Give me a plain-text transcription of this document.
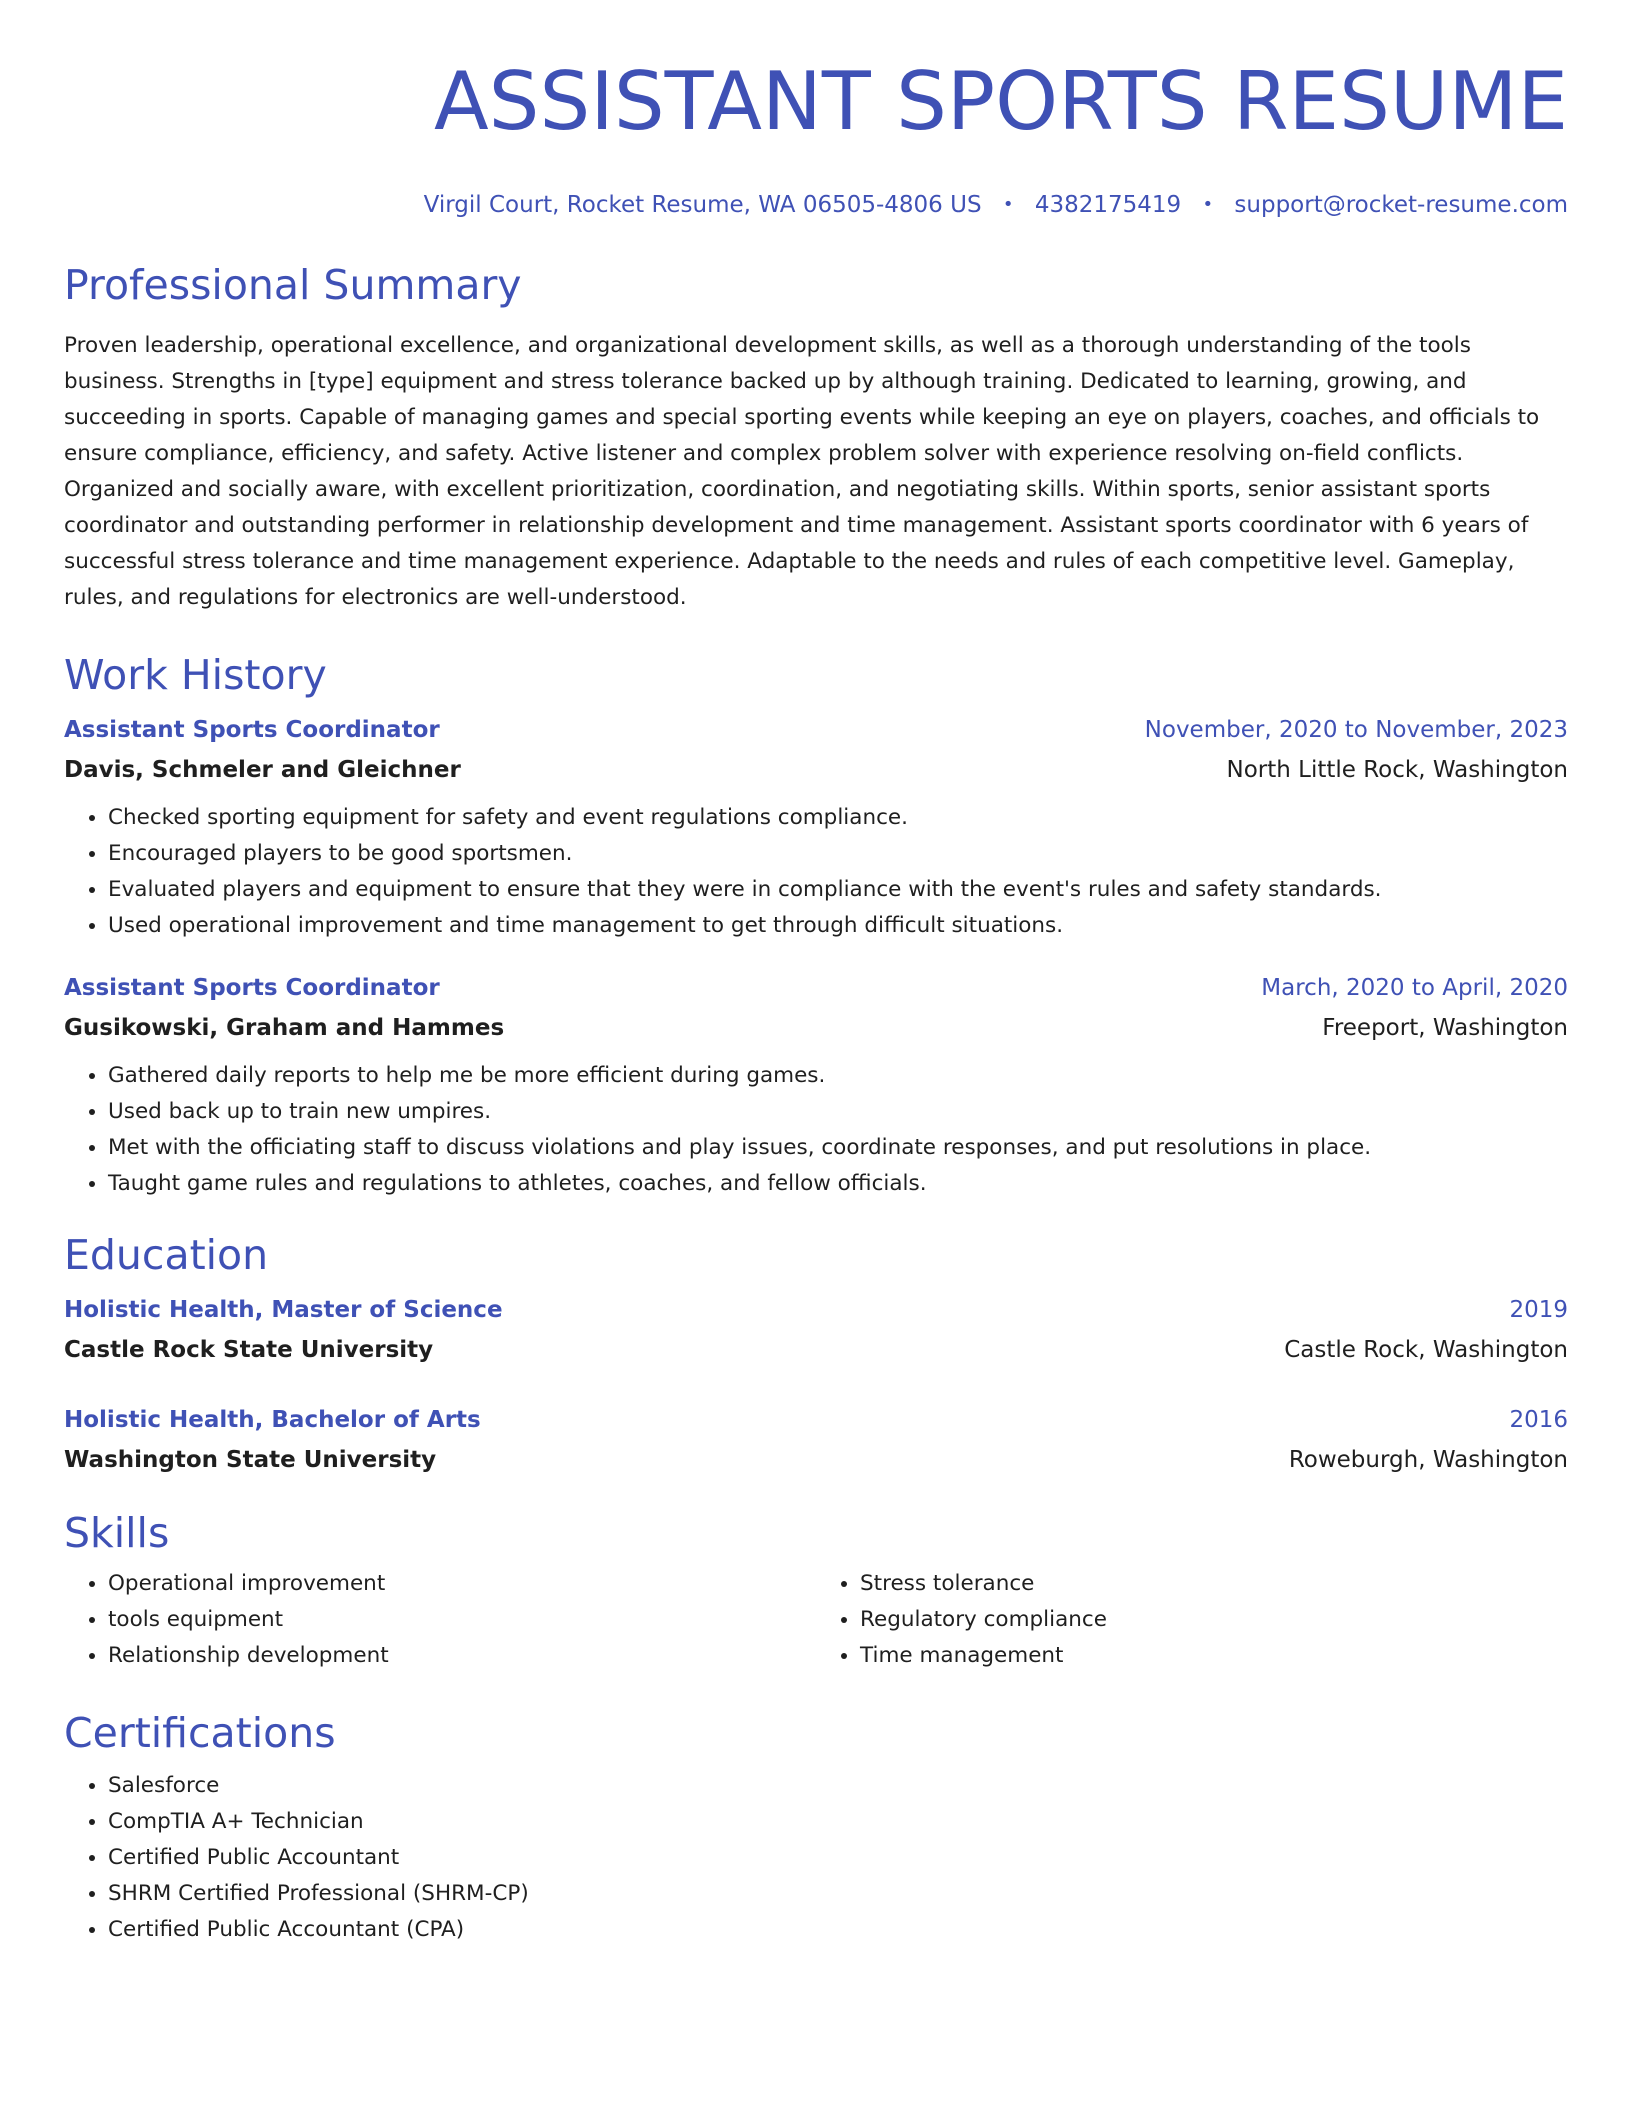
ASSISTANT SPORTS RESUME
Virgil Court, Rocket Resume, WA 06505-4806 US • 4382175419 • support@rocket-resume.com
Professional Summary
Proven leadership, operational excellence, and organizational development skills, as well as a thorough understanding of the tools business. Strengths in [type] equipment and stress tolerance backed up by although training. Dedicated to learning, growing, and succeeding in sports. Capable of managing games and special sporting events while keeping an eye on players, coaches, and officials to ensure compliance, efficiency, and safety. Active listener and complex problem solver with experience resolving on-field conflicts. Organized and socially aware, with excellent prioritization, coordination, and negotiating skills. Within sports, senior assistant sports coordinator and outstanding performer in relationship development and time management. Assistant sports coordinator with 6 years of successful stress tolerance and time management experience. Adaptable to the needs and rules of each competitive level. Gameplay, rules, and regulations for electronics are well-understood.
Work History
Assistant Sports Coordinator	November, 2020 to November, 2023
Davis, Schmeler and Gleichner	North Little Rock, Washington
• Checked sporting equipment for safety and event regulations compliance.
• Encouraged players to be good sportsmen.
• Evaluated players and equipment to ensure that they were in compliance with the event's rules and safety standards.
• Used operational improvement and time management to get through difficult situations.
Assistant Sports Coordinator	March, 2020 to April, 2020
Gusikowski, Graham and Hammes	Freeport, Washington
• Gathered daily reports to help me be more efficient during games.
• Used back up to train new umpires.
• Met with the officiating staff to discuss violations and play issues, coordinate responses, and put resolutions in place.
• Taught game rules and regulations to athletes, coaches, and fellow officials.
Education
Holistic Health, Master of Science	2019
Castle Rock State University	Castle Rock, Washington
Holistic Health, Bachelor of Arts	2016
Washington State University	Roweburgh, Washington
Skills
• Operational improvement
• tools equipment
• Relationship development
• Stress tolerance
• Regulatory compliance
• Time management
Certifications
• Salesforce
• CompTIA A+ Technician
• Certified Public Accountant
• SHRM Certified Professional (SHRM-CP)
• Certified Public Accountant (CPA)
